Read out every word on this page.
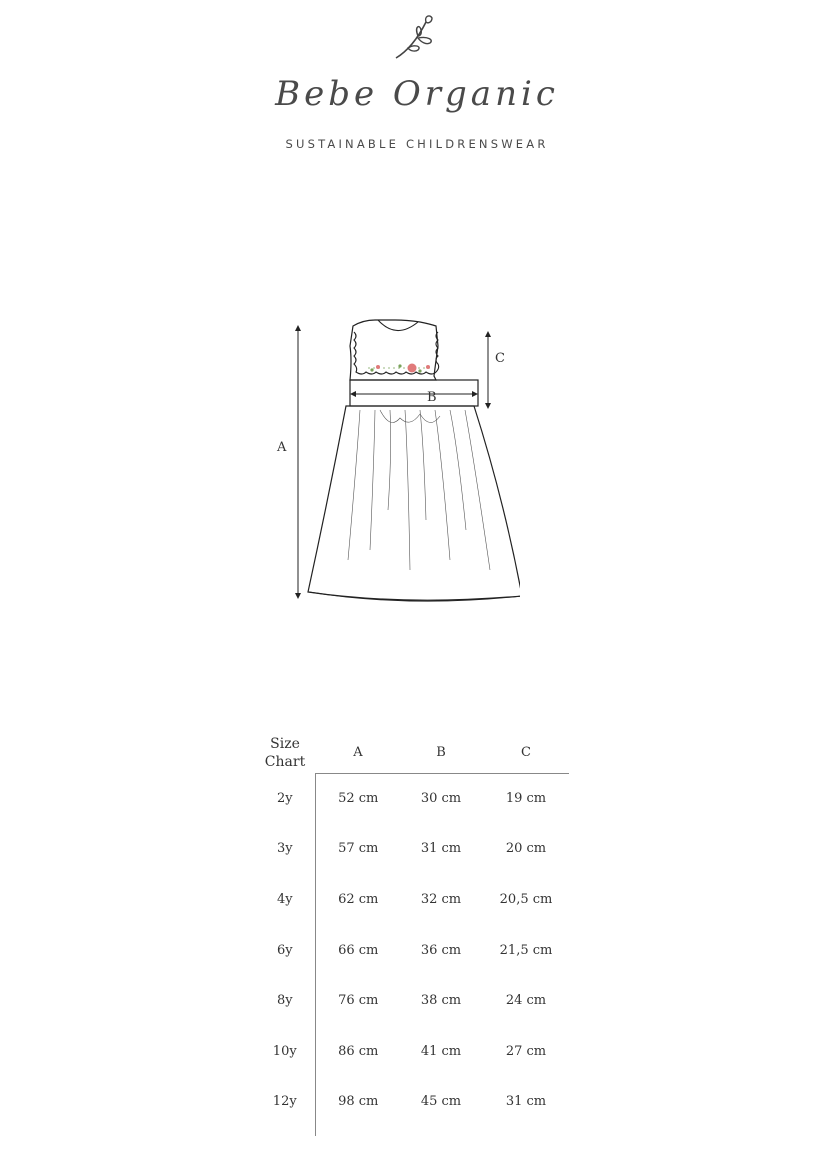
Bebe Organic
SUSTAINABLE CHILDRENSWEAR
A
B
C
Size
Chart	A	B	C
2y	52 cm	30 cm	19 cm
3y	57 cm	31 cm	20 cm
4y	62 cm	32 cm	20,5 cm
6y	66 cm	36 cm	21,5 cm
8y	76 cm	38 cm	24 cm
10y	86 cm	41 cm	27 cm
12y	98 cm	45 cm	31 cm
